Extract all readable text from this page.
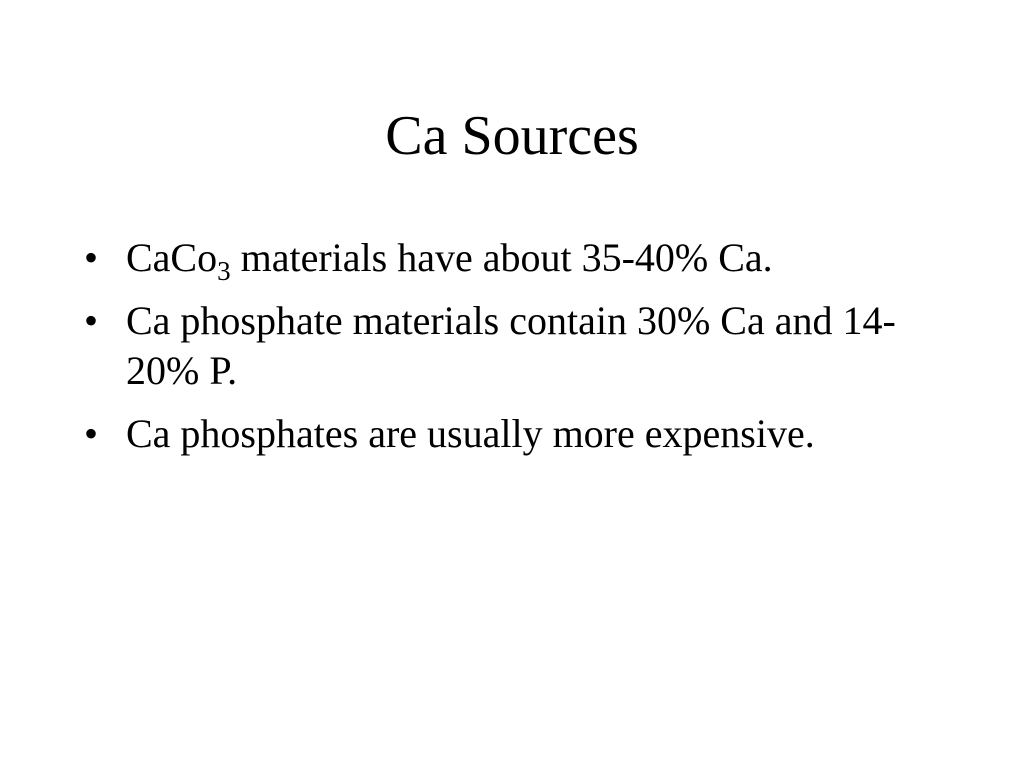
Ca Sources
• CaCo$_3$ materials have about 35-40% Ca.
• Ca phosphate materials contain 30% Ca and 14-20% P.
• Ca phosphates are usually more expensive.
